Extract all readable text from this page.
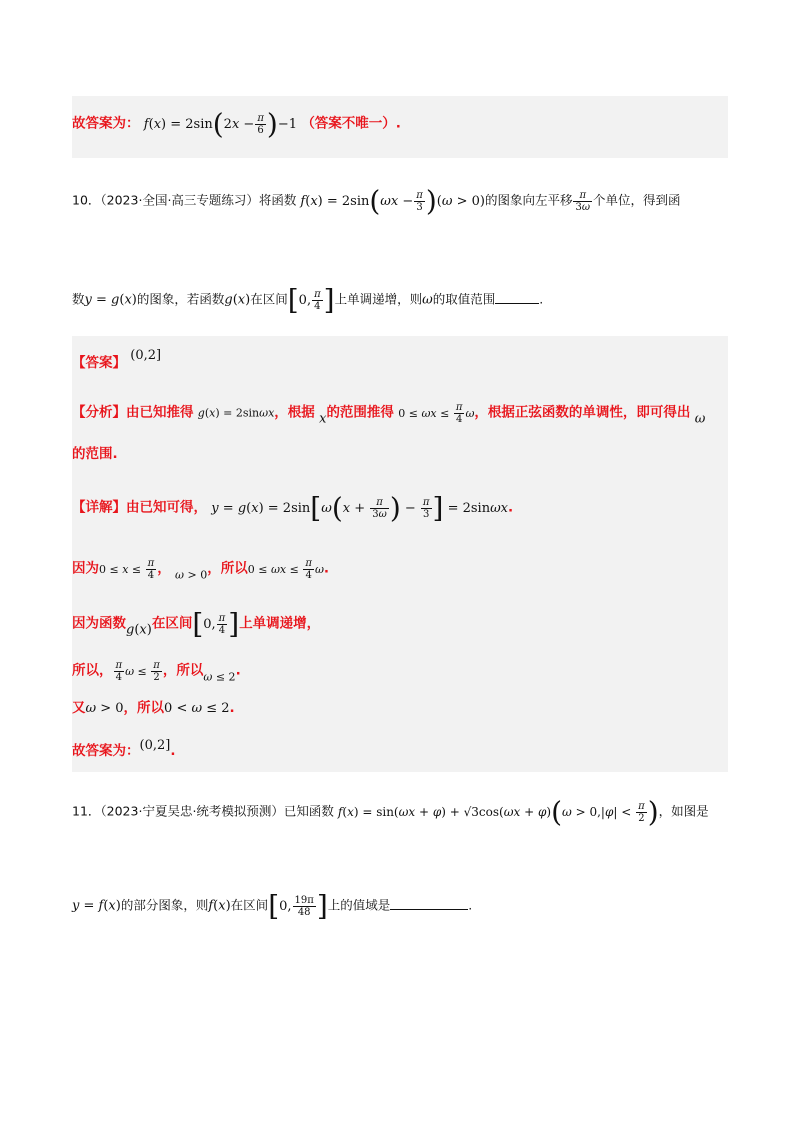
故答案为： $f(x) = 2\sin(2x - \frac{\pi}{6} )-1$ （答案不唯一）.
10．（2023·全国·高三专题练习）将函数 $f(x) = 2\sin(\omega x - \frac{\pi}{3} )(\omega > 0)$的图象向左平移 $\frac{\pi}{3\omega}$ 个单位，得到函
数y = g(x)的图象，若函数g(x)在区间[0, $\frac{\pi}{4}$ ]上单调递增，则ω的取值范围	.
【答案】 (0,2]
【分析】由已知推得 g(x) = 2sinωx，根据 x的范围推得 $0 \le \omega x \le \frac{\pi}{4}$ ω，根据正弦函数的单调性，即可得出 ω
的范围.
【详解】由已知可得， $y = g(x) = 2\sin[\omega(x + \frac{\pi}{3\omega}$ ) − $\frac{\pi}{3}$ ] = 2sinωx.
因为$0 \le x \le \frac{\pi}{4}$ ， $_{\omega > 0}$，所以$0 \le \omega x \le \frac{\pi}{4} \omega$.
因为函数g(x)在区间[0, $\frac{\pi}{4}$ ]上单调递增，
所以， $\frac{\pi}{4}$ $\omega \le \frac{\pi}{2}$ ，所以$_{\omega \le 2}$.
又ω > 0，所以0 < ω ≤ 2.
故答案为：(0,2].
11．（2023·宁夏吴忠·统考模拟预测）已知函数 $f(x) = \sin(\omega x + \varphi) + √3\cos(\omega x + \varphi)(\omega > 0,|\varphi| < \frac{\pi}{2}$ )，如图是
y = f(x)的部分图象，则f(x)在区间[0, $\frac{19\pi}{48}$ ]上的值域是	.
